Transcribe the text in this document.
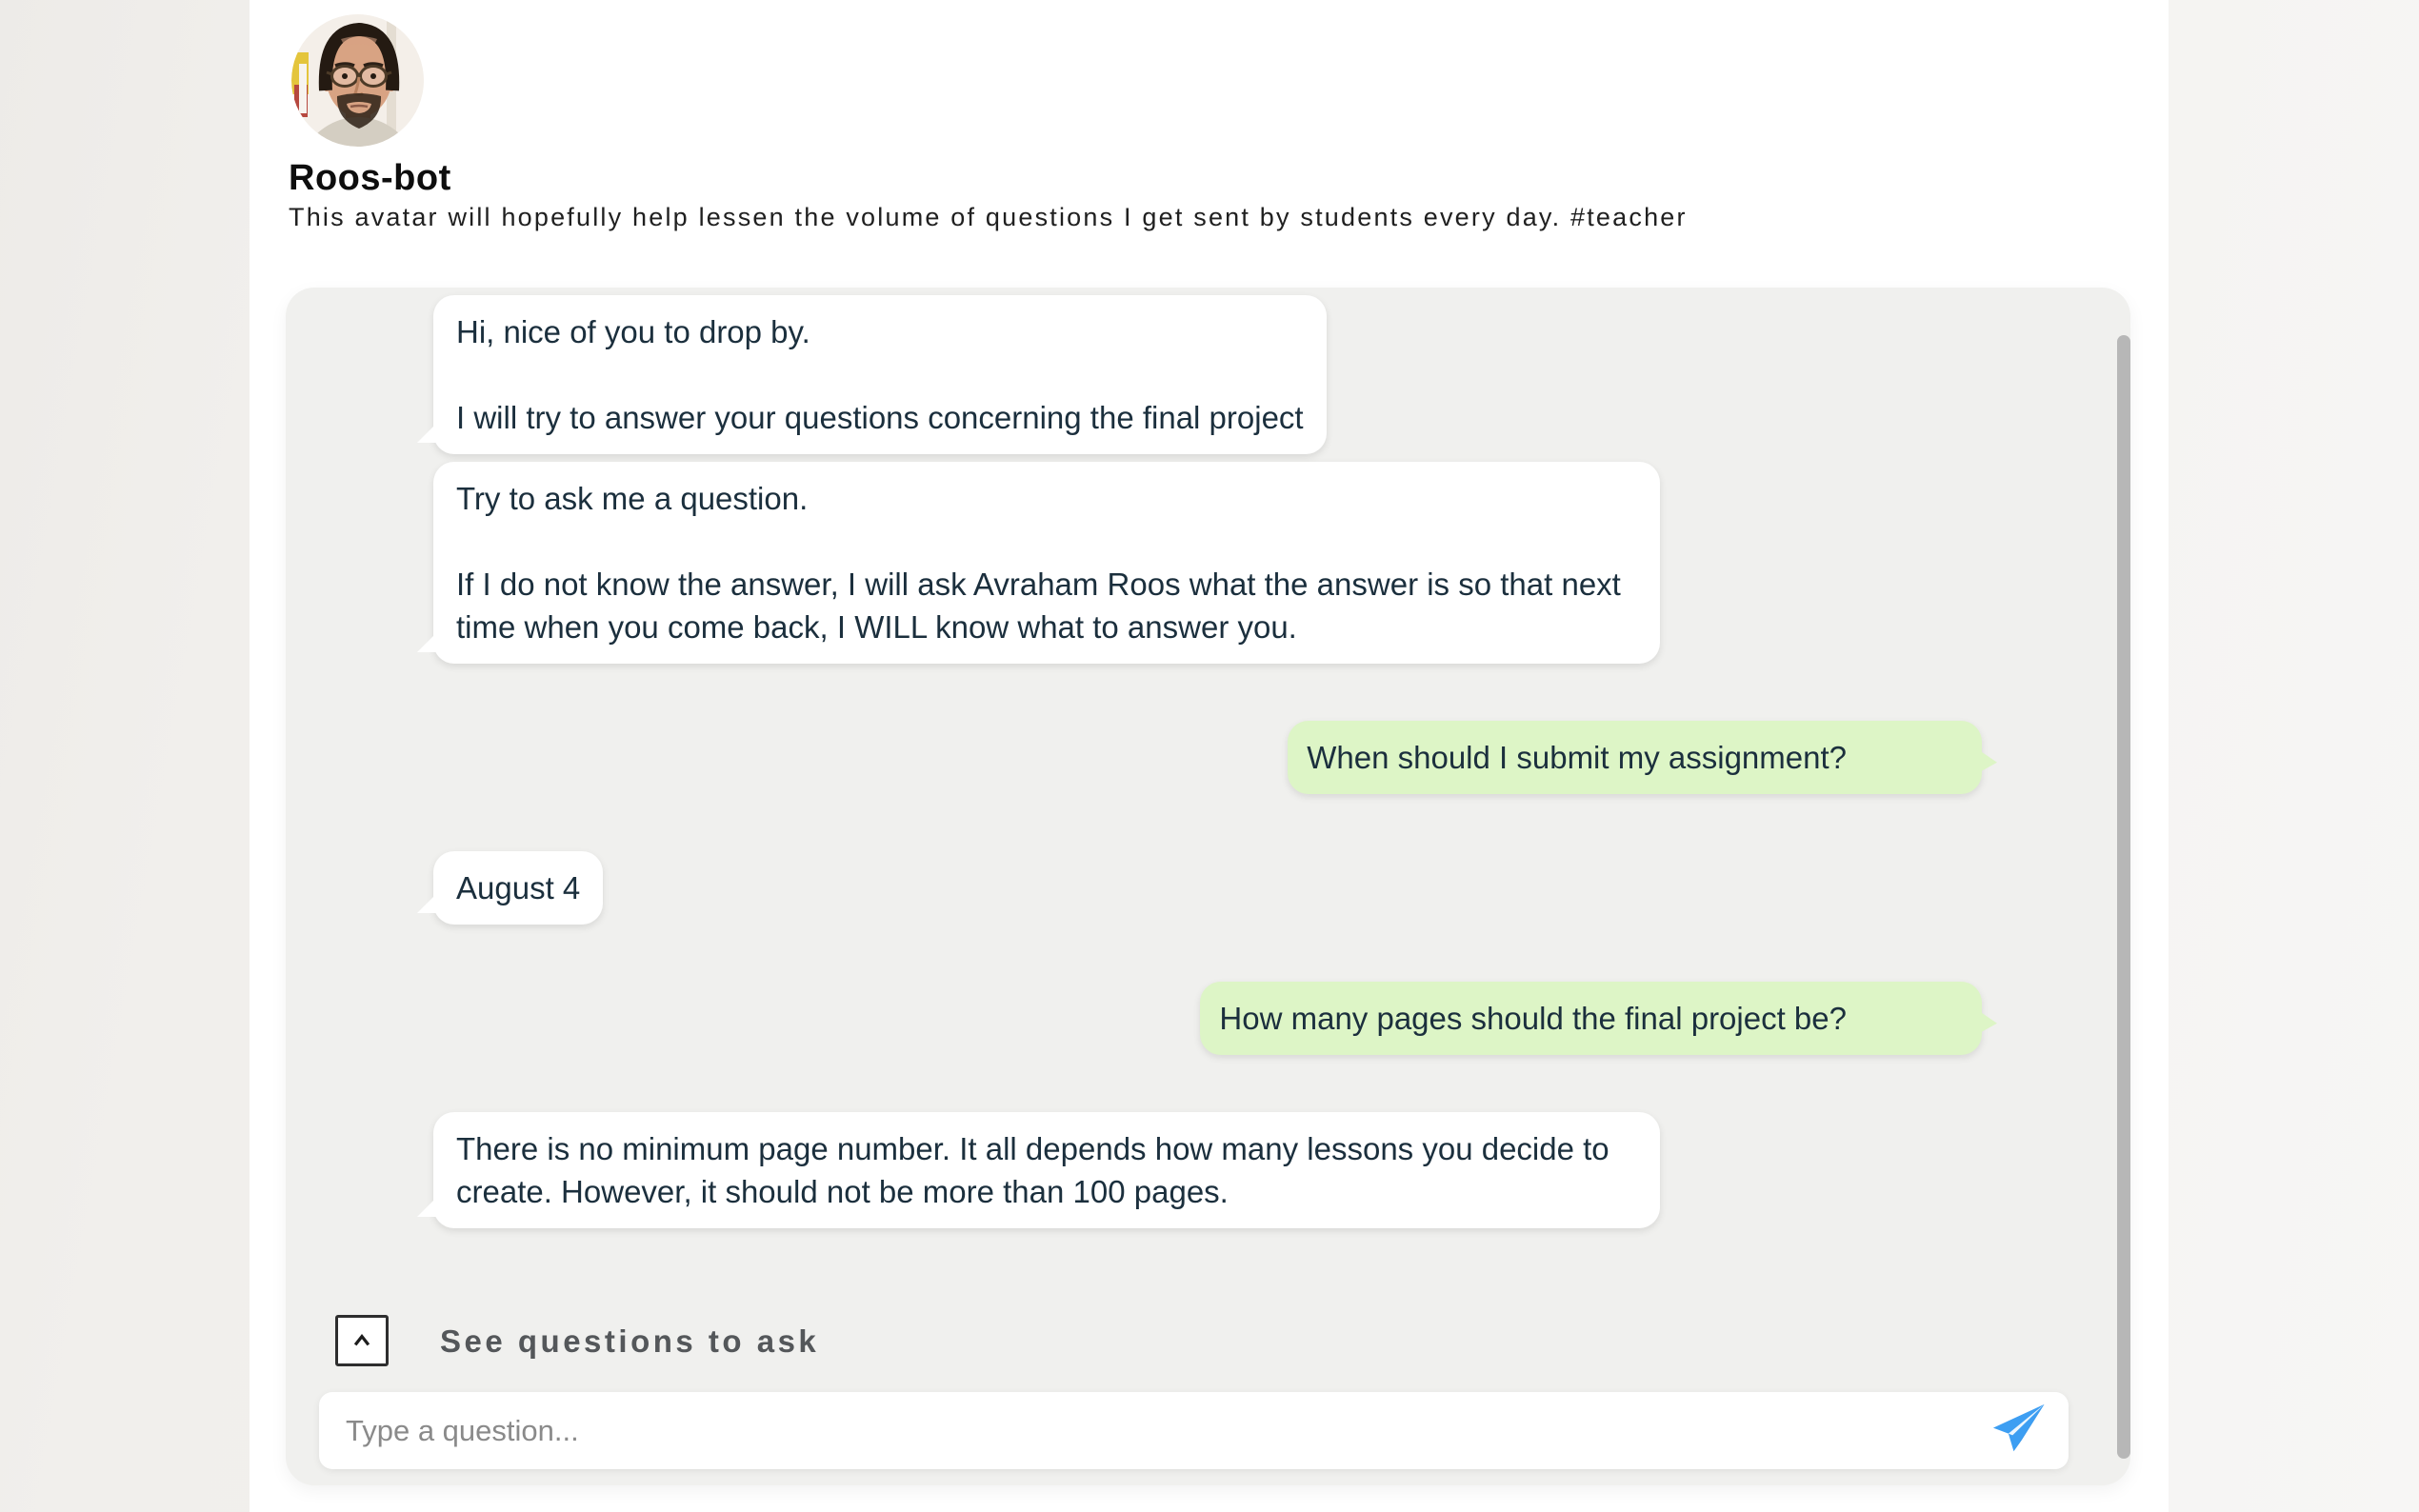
Roos-bot
This avatar will hopefully help lessen the volume of questions I get sent by students every day. #teacher

Hi, nice of you to drop by.

I will try to answer your questions concerning the final project

Try to ask me a question.

If I do not know the answer, I will ask Avraham Roos what the answer is so that next time when you come back, I WILL know what to answer you.

When should I submit my assignment?

August 4

How many pages should the final project be?

There is no minimum page number. It all depends how many lessons you decide to create. However, it should not be more than 100 pages.

See questions to ask
Type a question...
